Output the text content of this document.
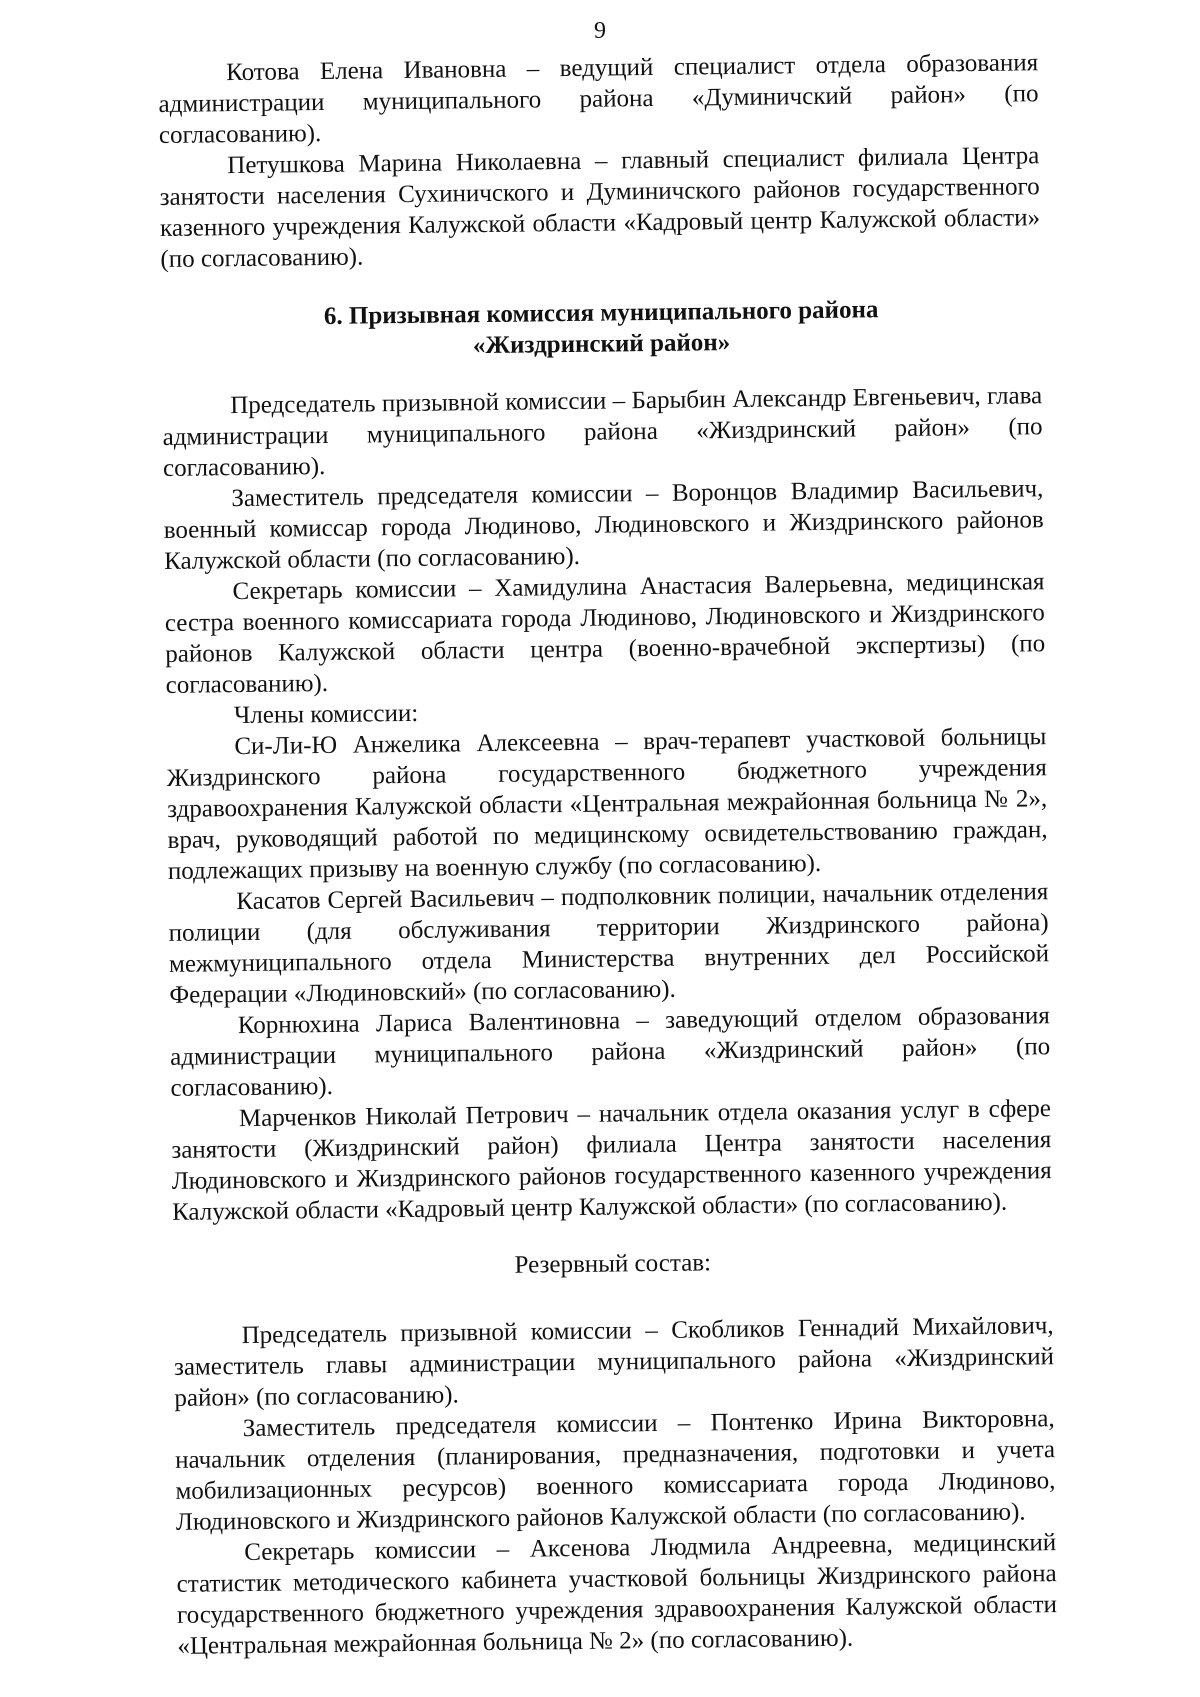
9

Котова Елена Ивановна – ведущий специалист отдела образования администрации муниципального района «Думиничский район» (по согласованию).

Петушкова Марина Николаевна – главный специалист филиала Центра занятости населения Сухиничского и Думиничского районов государственного казенного учреждения Калужской области «Кадровый центр Калужской области» (по согласованию).

6. Призывная комиссия муниципального района
«Жиздринский район»

Председатель призывной комиссии – Барыбин Александр Евгеньевич, глава администрации муниципального района «Жиздринский район» (по согласованию).

Заместитель председателя комиссии – Воронцов Владимир Васильевич, военный комиссар города Людиново, Людиновского и Жиздринского районов Калужской области (по согласованию).

Секретарь комиссии – Хамидулина Анастасия Валерьевна, медицинская сестра военного комиссариата города Людиново, Людиновского и Жиздринского районов Калужской области центра (военно-врачебной экспертизы) (по согласованию).

Члены комиссии:

Си-Ли-Ю Анжелика Алексеевна – врач-терапевт участковой больницы Жиздринского района государственного бюджетного учреждения здравоохранения Калужской области «Центральная межрайонная больница № 2», врач, руководящий работой по медицинскому освидетельствованию граждан, подлежащих призыву на военную службу (по согласованию).

Касатов Сергей Васильевич – подполковник полиции, начальник отделения полиции (для обслуживания территории Жиздринского района) межмуниципального отдела Министерства внутренних дел Российской Федерации «Людиновский» (по согласованию).

Корнюхина Лариса Валентиновна – заведующий отделом образования администрации муниципального района «Жиздринский район» (по согласованию).

Марченков Николай Петрович – начальник отдела оказания услуг в сфере занятости (Жиздринский район) филиала Центра занятости населения Людиновского и Жиздринского районов государственного казенного учреждения Калужской области «Кадровый центр Калужской области» (по согласованию).

Резервный состав:

Председатель призывной комиссии – Скобликов Геннадий Михайлович, заместитель главы администрации муниципального района «Жиздринский район» (по согласованию).

Заместитель председателя комиссии – Понтенко Ирина Викторовна, начальник отделения (планирования, предназначения, подготовки и учета мобилизационных ресурсов) военного комиссариата города Людиново, Людиновского и Жиздринского районов Калужской области (по согласованию).

Секретарь комиссии – Аксенова Людмила Андреевна, медицинский статистик методического кабинета участковой больницы Жиздринского района государственного бюджетного учреждения здравоохранения Калужской области «Центральная межрайонная больница № 2» (по согласованию).
